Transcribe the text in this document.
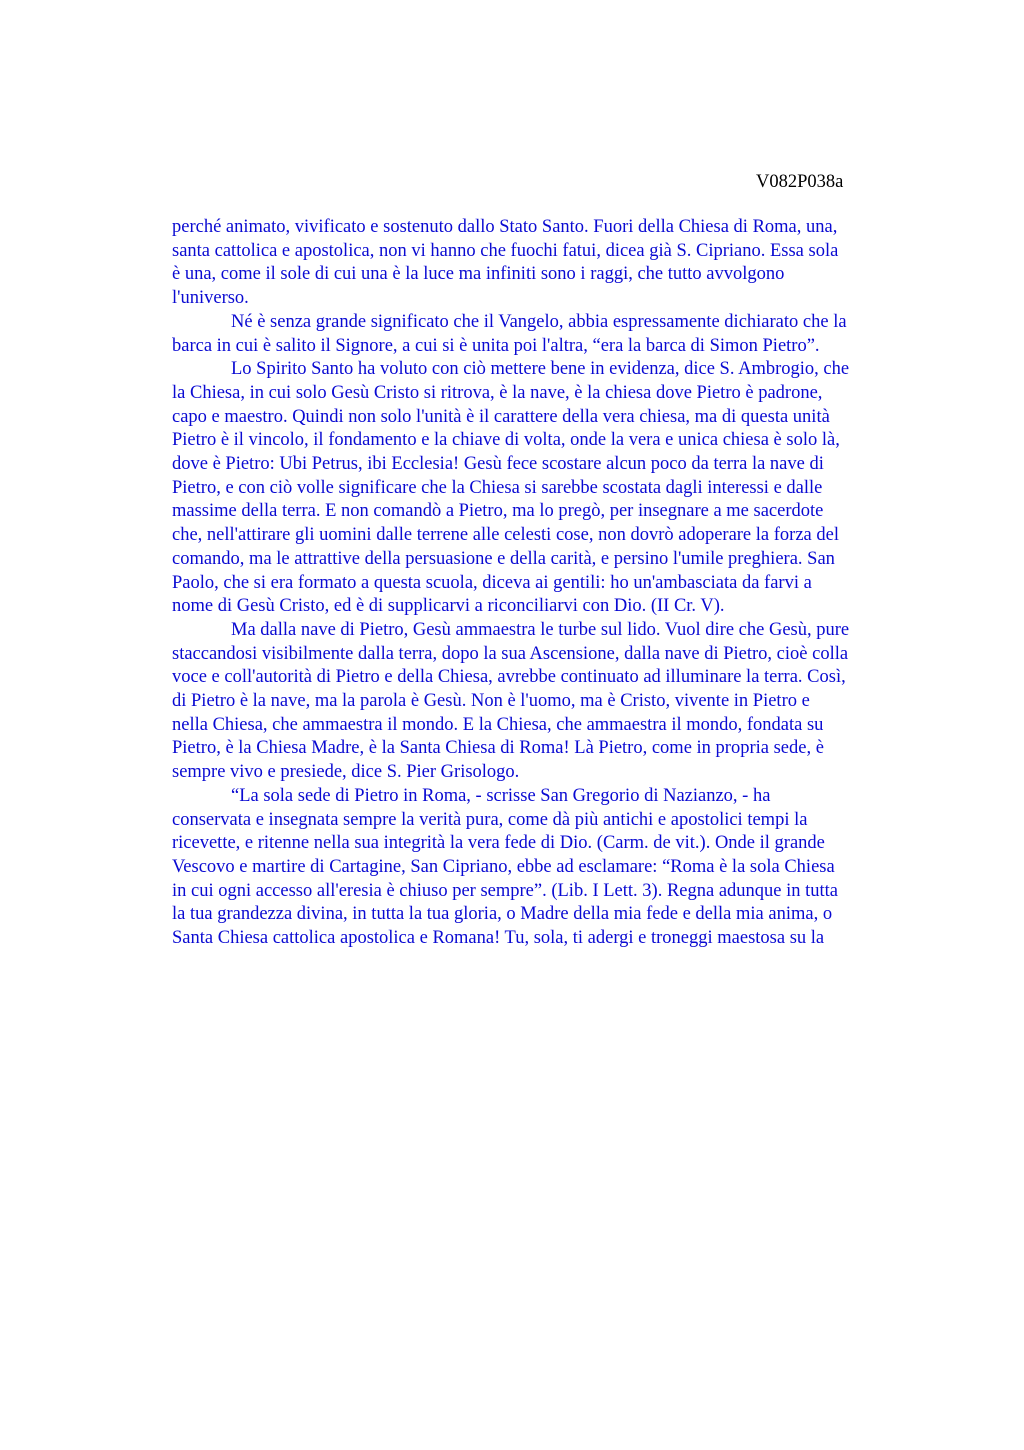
V082P038a

perché animato, vivificato e sostenuto dallo Stato Santo. Fuori della Chiesa di Roma, una,
santa cattolica e apostolica, non vi hanno che fuochi fatui, dicea già S. Cipriano. Essa sola
è una, come il sole di cui una è la luce ma infiniti sono i raggi, che tutto avvolgono
l'universo.

Né è senza grande significato che il Vangelo, abbia espressamente dichiarato che la
barca in cui è salito il Signore, a cui si è unita poi l'altra, “era la barca di Simon Pietro”.

Lo Spirito Santo ha voluto con ciò mettere bene in evidenza, dice S. Ambrogio, che
la Chiesa, in cui solo Gesù Cristo si ritrova, è la nave, è la chiesa dove Pietro è padrone,
capo e maestro. Quindi non solo l'unità è il carattere della vera chiesa, ma di questa unità
Pietro è il vincolo, il fondamento e la chiave di volta, onde la vera e unica chiesa è solo là,
dove è Pietro: Ubi Petrus, ibi Ecclesia! Gesù fece scostare alcun poco da terra la nave di
Pietro, e con ciò volle significare che la Chiesa si sarebbe scostata dagli interessi e dalle
massime della terra. E non comandò a Pietro, ma lo pregò, per insegnare a me sacerdote
che, nell'attirare gli uomini dalle terrene alle celesti cose, non dovrò adoperare la forza del
comando, ma le attrattive della persuasione e della carità, e persino l'umile preghiera. San
Paolo, che si era formato a questa scuola, diceva ai gentili: ho un'ambasciata da farvi a
nome di Gesù Cristo, ed è di supplicarvi a riconciliarvi con Dio. (II Cr. V).

Ma dalla nave di Pietro, Gesù ammaestra le turbe sul lido. Vuol dire che Gesù, pure
staccandosi visibilmente dalla terra, dopo la sua Ascensione, dalla nave di Pietro, cioè colla
voce e coll'autorità di Pietro e della Chiesa, avrebbe continuato ad illuminare la terra. Così,
di Pietro è la nave, ma la parola è Gesù. Non è l'uomo, ma è Cristo, vivente in Pietro e
nella Chiesa, che ammaestra il mondo. E la Chiesa, che ammaestra il mondo, fondata su
Pietro, è la Chiesa Madre, è la Santa Chiesa di Roma! Là Pietro, come in propria sede, è
sempre vivo e presiede, dice S. Pier Grisologo.

“La sola sede di Pietro in Roma, - scrisse San Gregorio di Nazianzo, - ha
conservata e insegnata sempre la verità pura, come dà più antichi e apostolici tempi la
ricevette, e ritenne nella sua integrità la vera fede di Dio. (Carm. de vit.). Onde il grande
Vescovo e martire di Cartagine, San Cipriano, ebbe ad esclamare: “Roma è la sola Chiesa
in cui ogni accesso all'eresia è chiuso per sempre”. (Lib. I Lett. 3). Regna adunque in tutta
la tua grandezza divina, in tutta la tua gloria, o Madre della mia fede e della mia anima, o
Santa Chiesa cattolica apostolica e Romana! Tu, sola, ti adergi e troneggi maestosa su la
